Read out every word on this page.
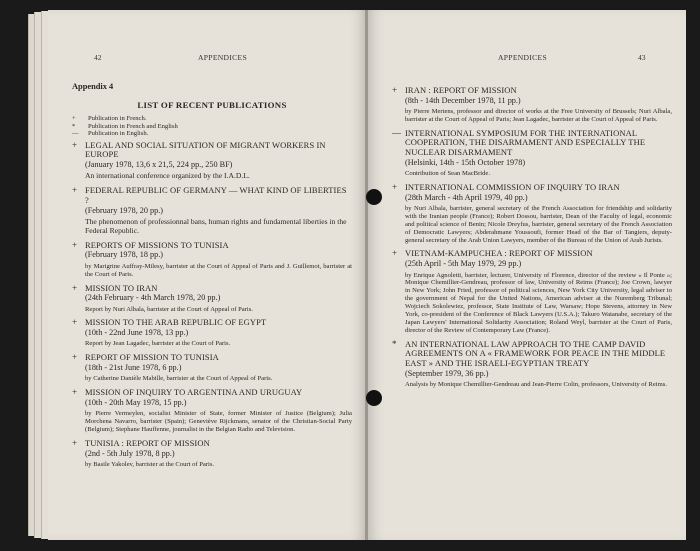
42	APPENDICES
Appendix 4
LIST OF RECENT PUBLICATIONS
+	Publication in French.
*	Publication in French and English
—	Publication in English.
+ LEGAL AND SOCIAL SITUATION OF MIGRANT WORKERS IN EUROPE
(January 1978, 13,6 x 21,5, 224 pp., 250 BF)
An international conference organized by the I.A.D.L.
+ FEDERAL REPUBLIC OF GERMANY — WHAT KIND OF LIBERTIES ?
(February 1978, 20 pp.)
The phenomenon of professionnal bans, human rights and fundamental liberties in the Federal Republic.
+ REPORTS OF MISSIONS TO TUNISIA
(February 1978, 18 pp.)
by Marigrine Auffray-Milesy, barrister at the Court of Appeal of Paris and J. Guillemot, barrister at the Court of Paris.
+ MISSION TO IRAN
(24th February - 4th March 1978, 20 pp.)
Report by Nuri Albala, barrister at the Court of Appeal of Paris.
+ MISSION TO THE ARAB REPUBLIC OF EGYPT
(10th - 22nd June 1978, 13 pp.)
Report by Jean Lagadec, barrister at the Court of Paris.
+ REPORT OF MISSION TO TUNISIA
(18th - 21st June 1978, 6 pp.)
by Catherine Danièle Mabille, barrister at the Court of Appeal of Paris.
+ MISSION OF INQUIRY TO ARGENTINA AND URUGUAY
(10th - 20th May 1978, 15 pp.)
by Pierre Vermeylen, socialist Minister of State, former Minister of Justice (Belgium); Julia Morchena Navarro, barrister (Spain); Geneviève Rijckmans, senator of the Christian-Social Party (Belgium); Stephane Hauffenne, journalist in the Belgian Radio and Television.
+ TUNISIA : REPORT OF MISSION
(2nd - 5th July 1978, 8 pp.)
by Basile Yakolev, barrister at the Court of Paris.
APPENDICES	43
+ IRAN : REPORT OF MISSION
(8th - 14th December 1978, 11 pp.)
by Pierre Mertens, professor and director of works at the Free University of Brussels; Nuri Albala, barrister at the Court of Appeal of Paris; Jean Lagadec, barrister at the Court of Appeal of Paris.
— INTERNATIONAL SYMPOSIUM FOR THE INTERNATIONAL COOPERATION, THE DISARMAMENT AND ESPECIALLY THE NUCLEAR DISARMAMENT
(Helsinki, 14th - 15th October 1978)
Contribution of Sean MacBride.
+ INTERNATIONAL COMMISSION OF INQUIRY TO IRAN
(28th March - 4th April 1979, 40 pp.)
by Nuri Albala, barrister, general secretary of the French Association for friendship and solidarity with the Iranian people (France); Robert Dossou, barrister, Dean of the Faculty of legal, economic and political science of Benin; Nicole Dreyfus, barrister, general secretary of the French Association of Democratic Lawyers; Abderahmane Youssoufi, former Head of the Bar of Tangiers, deputy-general secretary of the Arab Union Lawyers, member of the Bureau of the Union of Arab Jurists.
+ VIETNAM-KAMPUCHEA : REPORT OF MISSION
(25th April - 5th May 1979, 29 pp.)
by Enrique Agnoletti, barrister, lecturer, University of Florence, director of the review « Il Ponte »; Monique Chemillier-Gendreau, professor of law, University of Reims (France); Joe Crown, lawyer in New York; John Fried, professor of political sciences, New York City University, legal adviser to the government of Nepal for the United Nations, American adviser at the Nuremberg Tribunal; Wojciech Sokolewiez, professor, State Institute of Law, Warsaw; Hope Stevens, attorney in New York, co-president of the Conference of Black Lawyers (U.S.A.); Takuro Watanabe, secretary of the Japan Lawyers' International Solidarity Association; Roland Weyl, barrister at the Court of Paris, director of the Review of Contemporary Law (France).
* AN INTERNATIONAL LAW APPROACH TO THE CAMP DAVID AGREEMENTS ON A « FRAMEWORK FOR PEACE IN THE MIDDLE EAST » AND THE ISRAELI-EGYPTIAN TREATY
(September 1979, 36 pp.)
Analysis by Monique Chemillier-Gendreau and Jean-Pierre Colin, professors, University of Reims.
